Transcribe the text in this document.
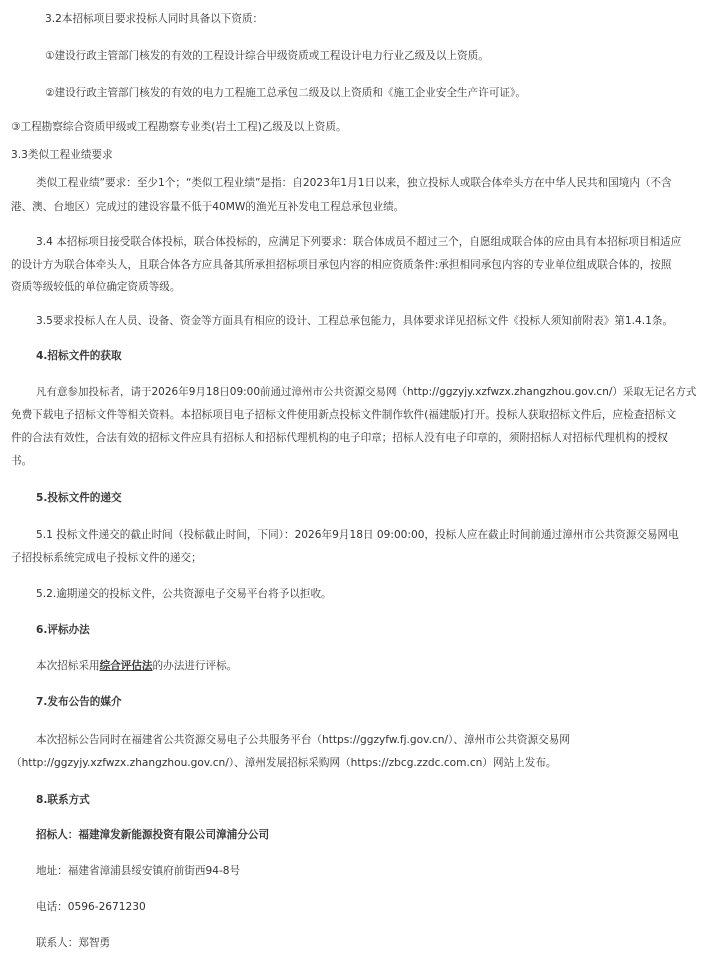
3.2本招标项目要求投标人同时具备以下资质：

①建设行政主管部门核发的有效的工程设计综合甲级资质或工程设计电力行业乙级及以上资质。

②建设行政主管部门核发的有效的电力工程施工总承包二级及以上资质和《施工企业安全生产许可证》。

③工程勘察综合资质甲级或工程勘察专业类(岩土工程)乙级及以上资质。

3.3类似工程业绩要求

类似工程业绩”要求：至少1个；“类似工程业绩”是指：自2023年1月1日以来，独立投标人或联合体牵头方在中华人民共和国境内（不含

港、澳、台地区）完成过的建设容量不低于40MW的渔光互补发电工程总承包业绩。

3.4 本招标项目接受联合体投标，联合体投标的，应满足下列要求：联合体成员不超过三个，自愿组成联合体的应由具有本招标项目相适应

的设计方为联合体牵头人，且联合体各方应具备其所承担招标项目承包内容的相应资质条件:承担相同承包内容的专业单位组成联合体的，按照

资质等级较低的单位确定资质等级。

3.5要求投标人在人员、设备、资金等方面具有相应的设计、工程总承包能力，具体要求详见招标文件《投标人须知前附表》第1.4.1条。

4.招标文件的获取

凡有意参加投标者，请于2026年9月18日09:00前通过漳州市公共资源交易网（http://ggzyjy.xzfwzx.zhangzhou.gov.cn/）采取无记名方式

免费下载电子招标文件等相关资料。本招标项目电子招标文件使用新点投标文件制作软件(福建版)打开。投标人获取招标文件后，应检查招标文

件的合法有效性，合法有效的招标文件应具有招标人和招标代理机构的电子印章；招标人没有电子印章的，须附招标人对招标代理机构的授权

书。

5.投标文件的递交

5.1 投标文件递交的截止时间（投标截止时间，下同）：2026年9月18日 09:00:00，投标人应在截止时间前通过漳州市公共资源交易网电

子招投标系统完成电子投标文件的递交；

5.2.逾期递交的投标文件，公共资源电子交易平台将予以拒收。

6.评标办法

本次招标采用综合评估法的办法进行评标。

7.发布公告的媒介

本次招标公告同时在福建省公共资源交易电子公共服务平台（https://ggzyfw.fj.gov.cn/）、漳州市公共资源交易网

（http://ggzyjy.xzfwzx.zhangzhou.gov.cn/）、漳州发展招标采购网（https://zbcg.zzdc.com.cn）网站上发布。

8.联系方式

招标人：福建漳发新能源投资有限公司漳浦分公司

地址：福建省漳浦县绥安镇府前街西94-8号

电话：0596-2671230

联系人：郑智勇
